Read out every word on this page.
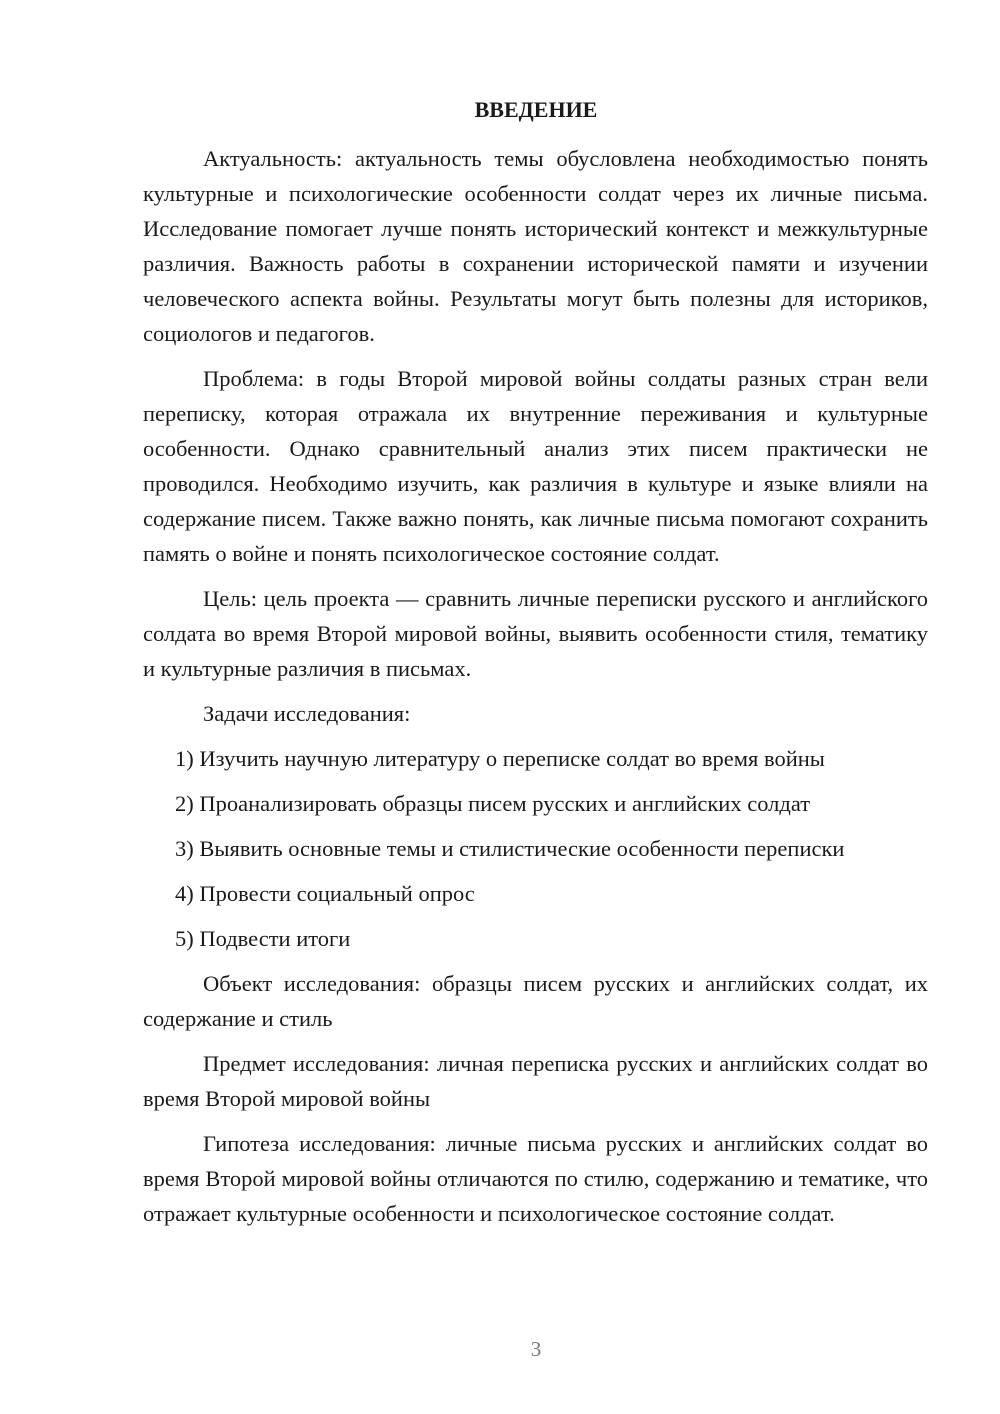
ВВЕДЕНИЕ

Актуальность: актуальность темы обусловлена необходимостью понять культурные и психологические особенности солдат через их личные письма. Исследование помогает лучше понять исторический контекст и межкультурные различия. Важность работы в сохранении исторической памяти и изучении человеческого аспекта войны. Результаты могут быть полезны для историков, социологов и педагогов.

Проблема: в годы Второй мировой войны солдаты разных стран вели переписку, которая отражала их внутренние переживания и культурные особенности. Однако сравнительный анализ этих писем практически не проводился. Необходимо изучить, как различия в культуре и языке влияли на содержание писем. Также важно понять, как личные письма помогают сохранить память о войне и понять психологическое состояние солдат.

Цель: цель проекта — сравнить личные переписки русского и английского солдата во время Второй мировой войны, выявить особенности стиля, тематику и культурные различия в письмах.

Задачи исследования:

1) Изучить научную литературу о переписке солдат во время войны

2) Проанализировать образцы писем русских и английских солдат

3) Выявить основные темы и стилистические особенности переписки

4) Провести социальный опрос

5) Подвести итоги

Объект исследования: образцы писем русских и английских солдат, их содержание и стиль

Предмет исследования: личная переписка русских и английских солдат во время Второй мировой войны

Гипотеза исследования: личные письма русских и английских солдат во время Второй мировой войны отличаются по стилю, содержанию и тематике, что отражает культурные особенности и психологическое состояние солдат.

3
